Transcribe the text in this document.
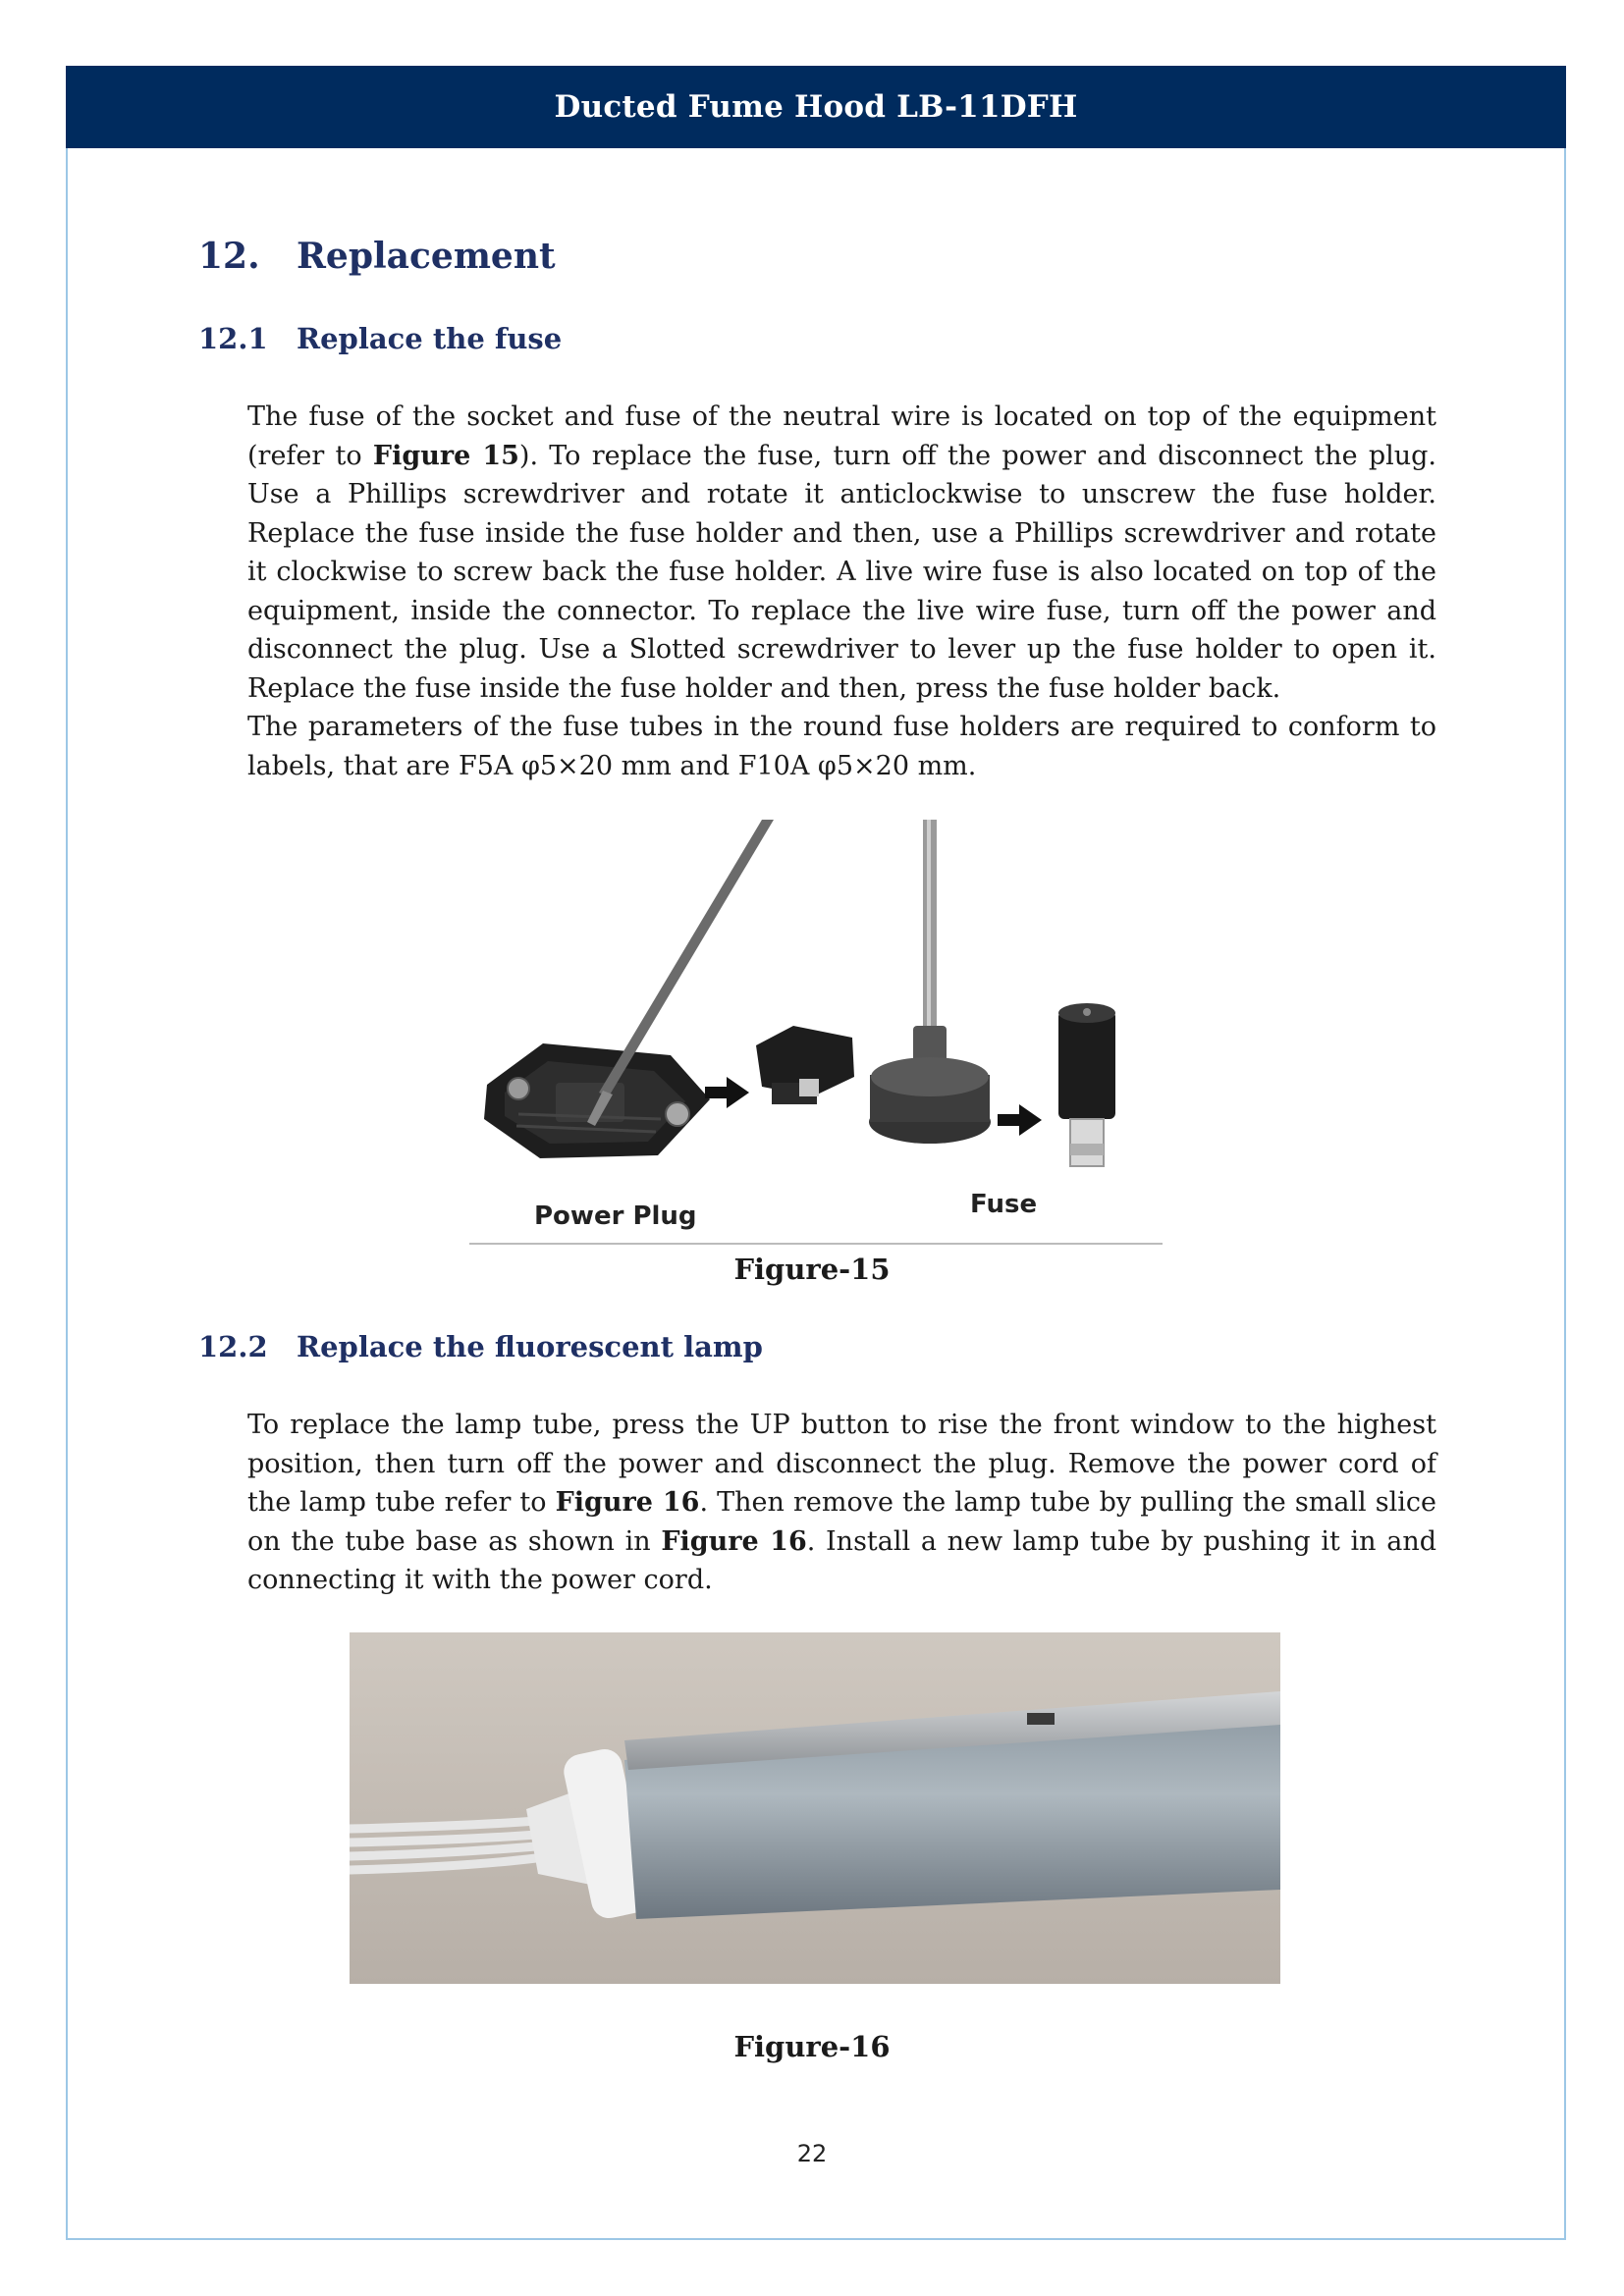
Ducted Fume Hood LB-11DFH
12.	Replacement
12.1	Replace the fuse

The fuse of the socket and fuse of the neutral wire is located on top of the equipment (refer to Figure 15). To replace the fuse, turn off the power and disconnect the plug. Use a Phillips screwdriver and rotate it anticlockwise to unscrew the fuse holder. Replace the fuse inside the fuse holder and then, use a Phillips screwdriver and rotate it clockwise to screw back the fuse holder. A live wire fuse is also located on top of the equipment, inside the connector. To replace the live wire fuse, turn off the power and disconnect the plug. Use a Slotted screwdriver to lever up the fuse holder to open it. Replace the fuse inside the fuse holder and then, press the fuse holder back.

The parameters of the fuse tubes in the round fuse holders are required to conform to labels, that are F5A φ5×20 mm and F10A φ5×20 mm.

Power Plug	Fuse
Figure-15
12.2	Replace the fluorescent lamp

To replace the lamp tube, press the UP button to rise the front window to the highest position, then turn off the power and disconnect the plug. Remove the power cord of the lamp tube refer to Figure 16. Then remove the lamp tube by pulling the small slice on the tube base as shown in Figure 16. Install a new lamp tube by pushing it in and connecting it with the power cord.

Figure-16
22
